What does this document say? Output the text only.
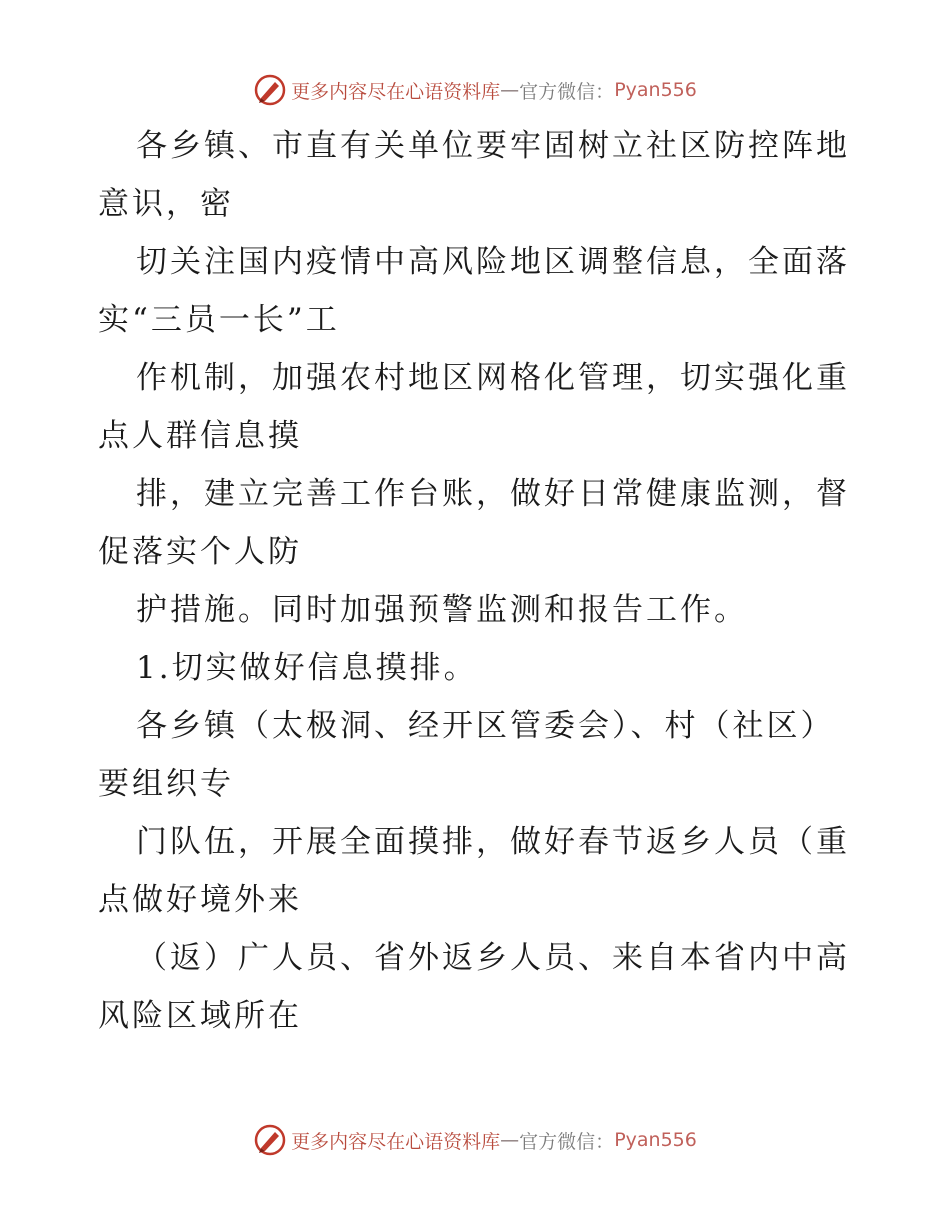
更多内容尽在心语资料库 — 官方微信： Pyan556

各乡镇、市直有关单位要牢固树立社区防控阵地意识，密

切关注国内疫情中高风险地区调整信息，全面落实“三员一长”工

作机制，加强农村地区网格化管理，切实强化重点人群信息摸

排，建立完善工作台账，做好日常健康监测，督促落实个人防

护措施。同时加强预警监测和报告工作。

1.切实做好信息摸排。

各乡镇（太极洞、经开区管委会）、村（社区）要组织专

门队伍，开展全面摸排，做好春节返乡人员（重点做好境外来

（返）广人员、省外返乡人员、来自本省内中高风险区域所在

更多内容尽在心语资料库 — 官方微信： Pyan556
